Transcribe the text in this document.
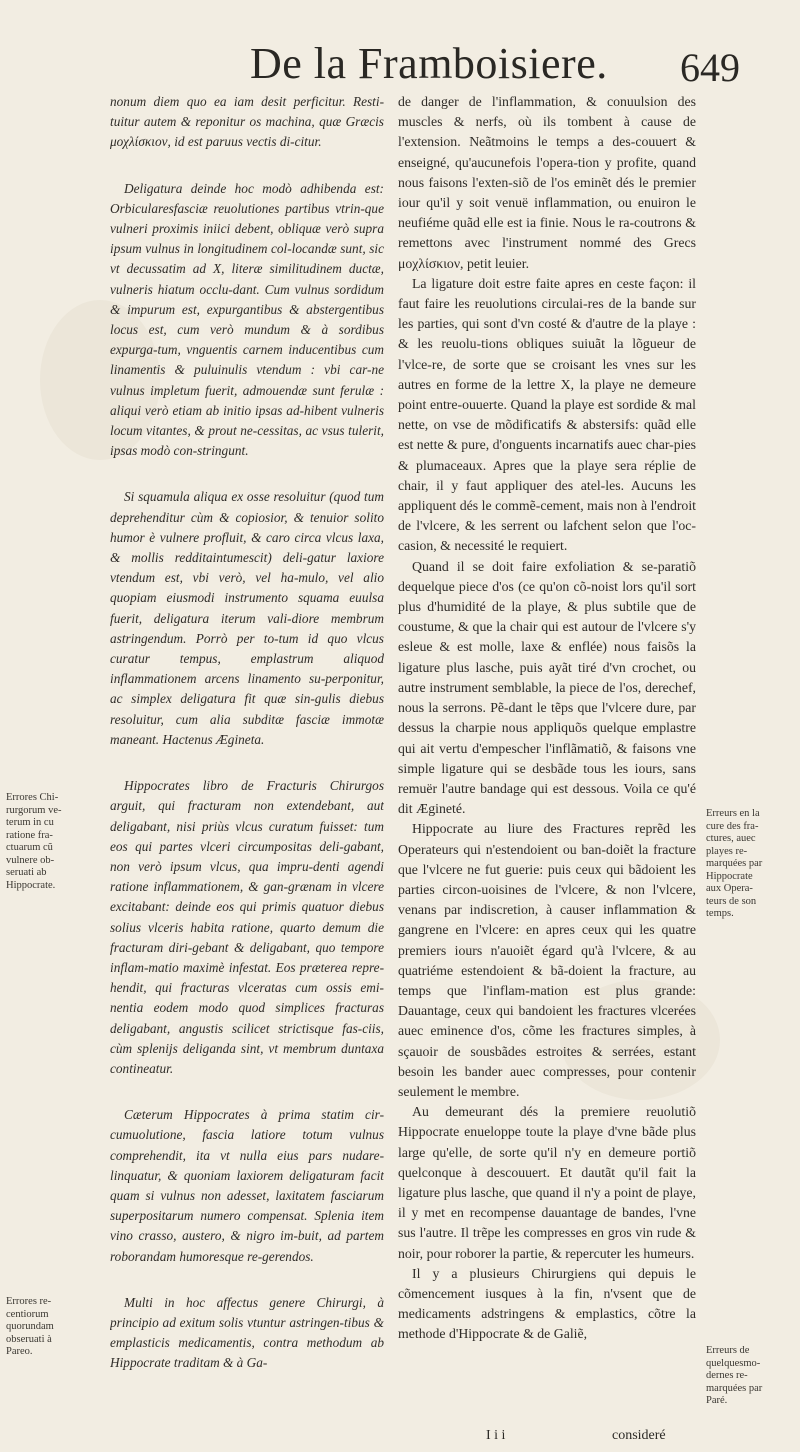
De la Framboisiere. 649

nonum diem quo ea iam desit perficitur. Resti-tuitur autem & reponitur os machina, quæ Græcis μοχλίσκιον, id est paruus vectis di-citur.

Deligatura deinde hoc modò adhibenda est: Orbicularesfasciæ reuolutiones partibus vtrin-que vulneri proximis iniici debent, obliquæ verò supra ipsum vulnus in longitudinem col-locandæ sunt, sic vt decussatim ad X, literæ similitudinem ductæ, vulneris hiatum occlu-dant. Cum vulnus sordidum & impurum est, expurgantibus & abstergentibus locus est, cum verò mundum & à sordibus expurga-tum, vnguentis carnem inducentibus cum linamentis & puluinulis vtendum : vbi car-ne vulnus impletum fuerit, admouendæ sunt ferulæ : aliqui verò etiam ab initio ipsas ad-hibent vulneris locum vitantes, & prout ne-cessitas, ac vsus tulerit, ipsas modò con-stringunt.

Si squamula aliqua ex osse resoluitur (quod tum deprehenditur cùm & copiosior, & tenuior solito humor è vulnere profluit, & caro circa vlcus laxa, & mollis redditaintumescit) deli-gatur laxiore vtendum est, vbi verò, vel ha-mulo, vel alio quopiam eiusmodi instrumento squama euulsa fuerit, deligatura iterum vali-diore membrum astringendum. Porrò per to-tum id quo vlcus curatur tempus, emplastrum aliquod inflammationem arcens linamento su-perponitur, ac simplex deligatura fit quæ sin-gulis diebus resoluitur, cum alia subditæ fasciæ immotæ maneant. Hactenus Ægineta.

Hippocrates libro de Fracturis Chirurgos arguit, qui fracturam non extendebant, aut deligabant, nisi priùs vlcus curatum fuisset: tum eos qui partes vlceri circumpositas deli-gabant, non verò ipsum vlcus, qua impru-denti agendi ratione inflammationem, & gan-grænam in vlcere excitabant: deinde eos qui primis quatuor diebus solius vlceris habita ratione, quarto demum die fracturam diri-gebant & deligabant, quo tempore inflam-matio maximè infestat. Eos præterea repre-hendit, qui fracturas vlceratas cum ossis emi-nentia eodem modo quod simplices fracturas deligabant, angustis scilicet strictisque fas-ciis, cùm splenijs deliganda sint, vt membrum duntaxa contineatur.

Cæterum Hippocrates à prima statim cir-cumuolutione, fascia latiore totum vulnus comprehendit, ita vt nulla eius pars nudare-linquatur, & quoniam laxiorem deligaturam facit quam si vulnus non adesset, laxitatem fasciarum superpositarum numero compensat. Splenia item vino crasso, austero, & nigro im-buit, ad partem roborandam humoresque re-gerendos.

Multi in hoc affectus genere Chirurgi, à principio ad exitum solis vtuntur astringen-tibus & emplasticis medicamentis, contra methodum ab Hippocrate traditam & à Ga-

de danger de l'inflammation, & conuulsion des muscles & nerfs, où ils tombent à cause de l'extension. Neãtmoins le temps a des-couuert & enseigné, qu'aucunefois l'opera-tion y profite, quand nous faisons l'exten-siõ de l'os eminẽt dés le premier iour qu'il y soit venuë inflammation, ou enuiron le neufiéme quãd elle est ia finie. Nous le ra-coutrons & remettons avec l'instrument nommé des Grecs μοχλίσκιον, petit leuier.

La ligature doit estre faite apres en ceste façon: il faut faire les reuolutions circulai-res de la bande sur les parties, qui sont d'vn costé & d'autre de la playe : & les reuolu-tions obliques suiuãt la lõgueur de l'vlce-re, de sorte que se croisant les vnes sur les autres en forme de la lettre X, la playe ne demeure point entre-ouuerte. Quand la playe est sordide & mal nette, on vse de mõdificatifs & abstersifs: quãd elle est nette & pure, d'onguents incarnatifs auec char-pies & plumaceaux. Apres que la playe sera réplie de chair, il y faut appliquer des atel-les. Aucuns les appliquent dés le commẽ-cement, mais non à l'endroit de l'vlcere, & les serrent ou lafchent selon que l'oc-casion, & necessité le requiert.

Quand il se doit faire exfoliation & se-paratiõ dequelque piece d'os (ce qu'on cõ-noist lors qu'il sort plus d'humidité de la playe, & plus subtile que de coustume, & que la chair qui est autour de l'vlcere s'y esleue & est molle, laxe & enflée) nous faisõs la ligature plus lasche, puis ayãt tiré d'vn crochet, ou autre instrument semblable, la piece de l'os, derechef, nous la serrons. Pẽ-dant le tẽps que l'vlcere dure, par dessus la charpie nous appliquõs quelque emplastre qui ait vertu d'empescher l'inflãmatiõ, & faisons vne simple ligature qui se desbãde tous les iours, sans remuër l'autre bandage qui est dessous. Voila ce qu'é dit Ægineté.

Hippocrate au liure des Fractures reprẽd les Operateurs qui n'estendoient ou ban-doiẽt la fracture que l'vlcere ne fut guerie: puis ceux qui bãdoient les parties circon-uoisines de l'vlcere, & non l'vlcere, venans par indiscretion, à causer inflammation & gangrene en l'vlcere: en apres ceux qui les quatre premiers iours n'auoiẽt égard qu'à l'vlcere, & au quatriéme estendoient & bã-doient la fracture, au temps que l'inflam-mation est plus grande: Dauantage, ceux qui bandoient les fractures vlcerées auec eminence d'os, cõme les fractures simples, à sçauoir de sousbãdes estroites & serrées, estant besoin les bander auec compresses, pour contenir seulement le membre.

Au demeurant dés la premiere reuolutiõ Hippocrate enueloppe toute la playe d'vne bãde plus large qu'elle, de sorte qu'il n'y en demeure portiõ quelconque à descouuert. Et dautãt qu'il fait la ligature plus lasche, que quand il n'y a point de playe, il y met en recompense dauantage de bandes, l'vne sus l'autre. Il trẽpe les compresses en gros vin rude & noir, pour roborer la partie, & repercuter les humeurs.

Il y a plusieurs Chirurgiens qui depuis le cõmencement iusques à la fin, n'vsent que de medicaments adstringens & emplastics, cõtre la methode d'Hippocrate & de Galiẽ,

Errores Chi-
rurgorum ve-
terum in cu
ratione fra-
ctuarum cũ
vulnere ob-
seruati ab
Hippocrate.
Errores re-
centiorum
quorundam
obseruati à
Pareo.
Erreurs en la
cure des fra-
ctures, auec
playes re-
marquées par
Hippocrate
aux Opera-
teurs de son
temps.
Erreurs de
quelquesmo-
dernes re-
marquées par
Paré.
I i i	consideré
